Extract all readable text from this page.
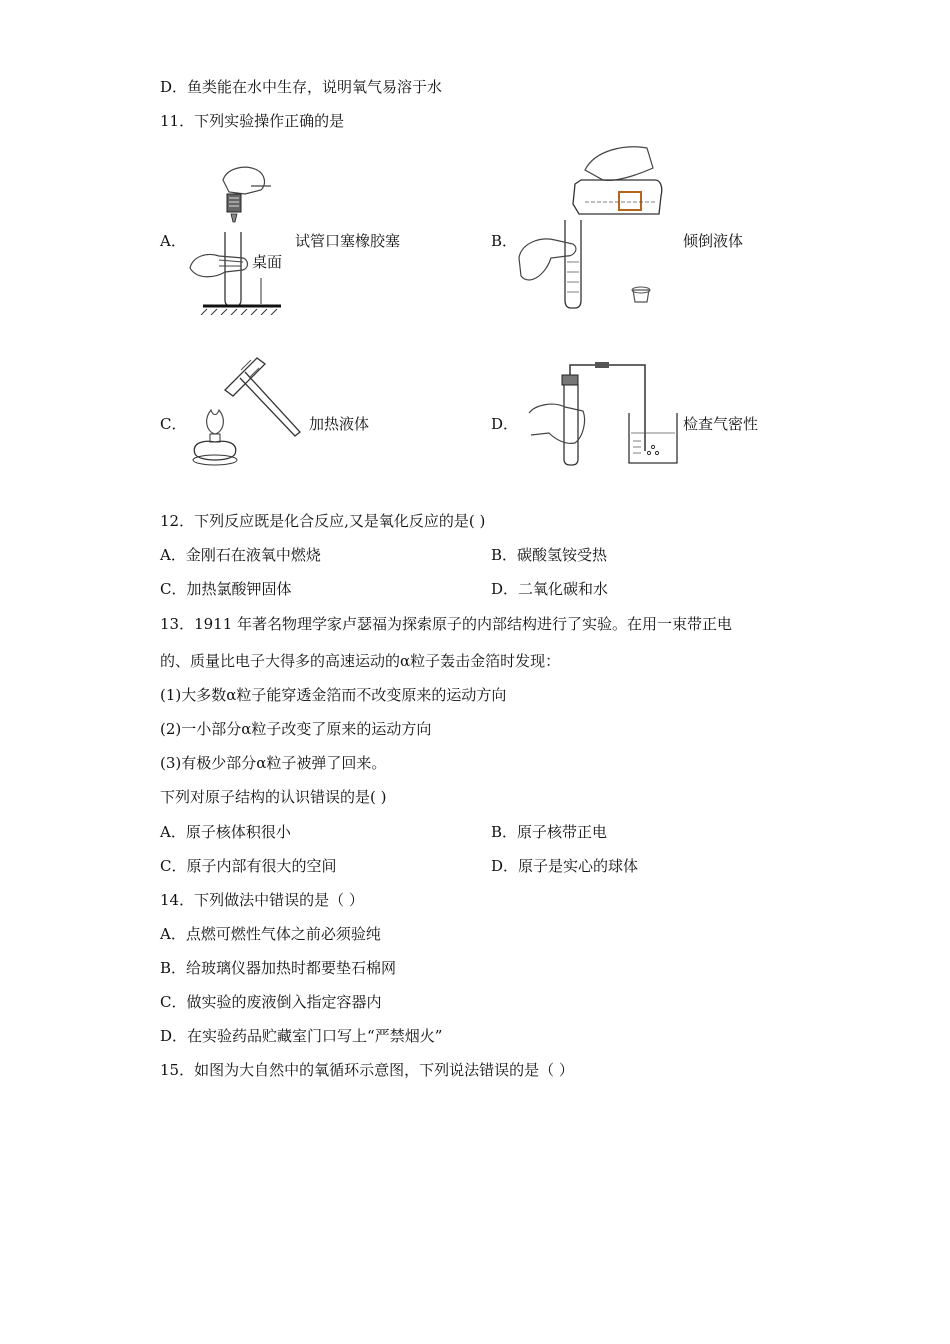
D．鱼类能在水中生存，说明氧气易溶于水
11．下列实验操作正确的是
A．
桌面
试管口塞橡胶塞	B．	倾倒液体
C．	加热液体	D．	检查气密性
12．下列反应既是化合反应,又是氧化反应的是( )
A．金刚石在液氧中燃烧	B．碳酸氢铵受热
C．加热氯酸钾固体	D．二氧化碳和水
13．1911 年著名物理学家卢瑟福为探索原子的内部结构进行了实验。在用一束带正电
的、质量比电子大得多的高速运动的α粒子轰击金箔时发现：
(1)大多数α粒子能穿透金箔而不改变原来的运动方向
(2)一小部分α粒子改变了原来的运动方向
(3)有极少部分α粒子被弹了回来。
下列对原子结构的认识错误的是( )
A．原子核体积很小	B．原子核带正电
C．原子内部有很大的空间	D．原子是实心的球体
14．下列做法中错误的是（ ）
A．点燃可燃性气体之前必须验纯
B．给玻璃仪器加热时都要垫石棉网
C．做实验的废液倒入指定容器内
D．在实验药品贮藏室门口写上“严禁烟火”
15．如图为大自然中的氧循环示意图，下列说法错误的是（ ）
